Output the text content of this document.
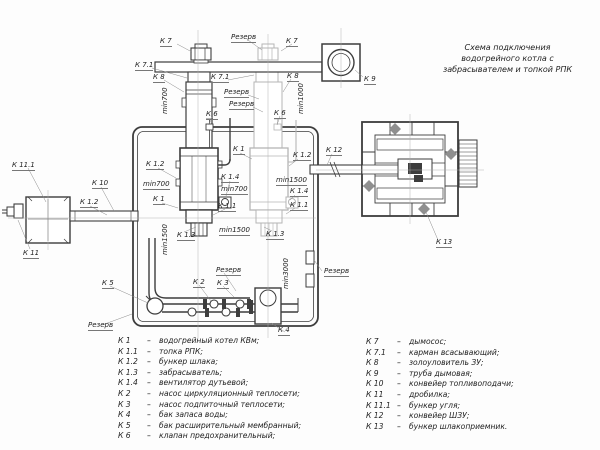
Схема подключения
водогрейного котла с
забрасывателем и топкой РПК
К 7	Резерв	К 7
К 9
К 7.1
К 8
min700
К 7.1
Резерв
Резерв
К 8
min1000
К 6	К 6
К 11.1
К 10
К 1.2
К 11
К 1.2
min700
К 1
К 1.4
min700
К 1.1
К 1
К 1.2
min1500
К 1.4
К 1.1
К 12
К 13
min1500 К 1.3
min1500 К 1.3
min3000	Резерв
Резерв
К 2 К 3
К 5
Резерв
К 4
К 1 – водогрейный котел КВм;
К 1.1 – топка РПК;
К 1.2 – бункер шлака;
К 1.3 – забрасыватель;
К 1.4 – вентилятор дутьевой;
К 2 – насос циркуляционный теплосети;
К 3 – насос подпиточный теплосети;
К 4 – бак запаса воды;
К 5 – бак расширительный мембранный;
К 6 – клапан предохранительный;
К 7 – дымосос;
К 7.1 – карман всасывающий;
К 8 – золоуловитель ЗУ;
К 9 – труба дымовая;
К 10 – конвейер топливоподачи;
К 11 – дробилка;
К 11.1 – бункер угля;
К 12 – конвейер ШЗУ;
К 13 – бункер шлакоприемник.
